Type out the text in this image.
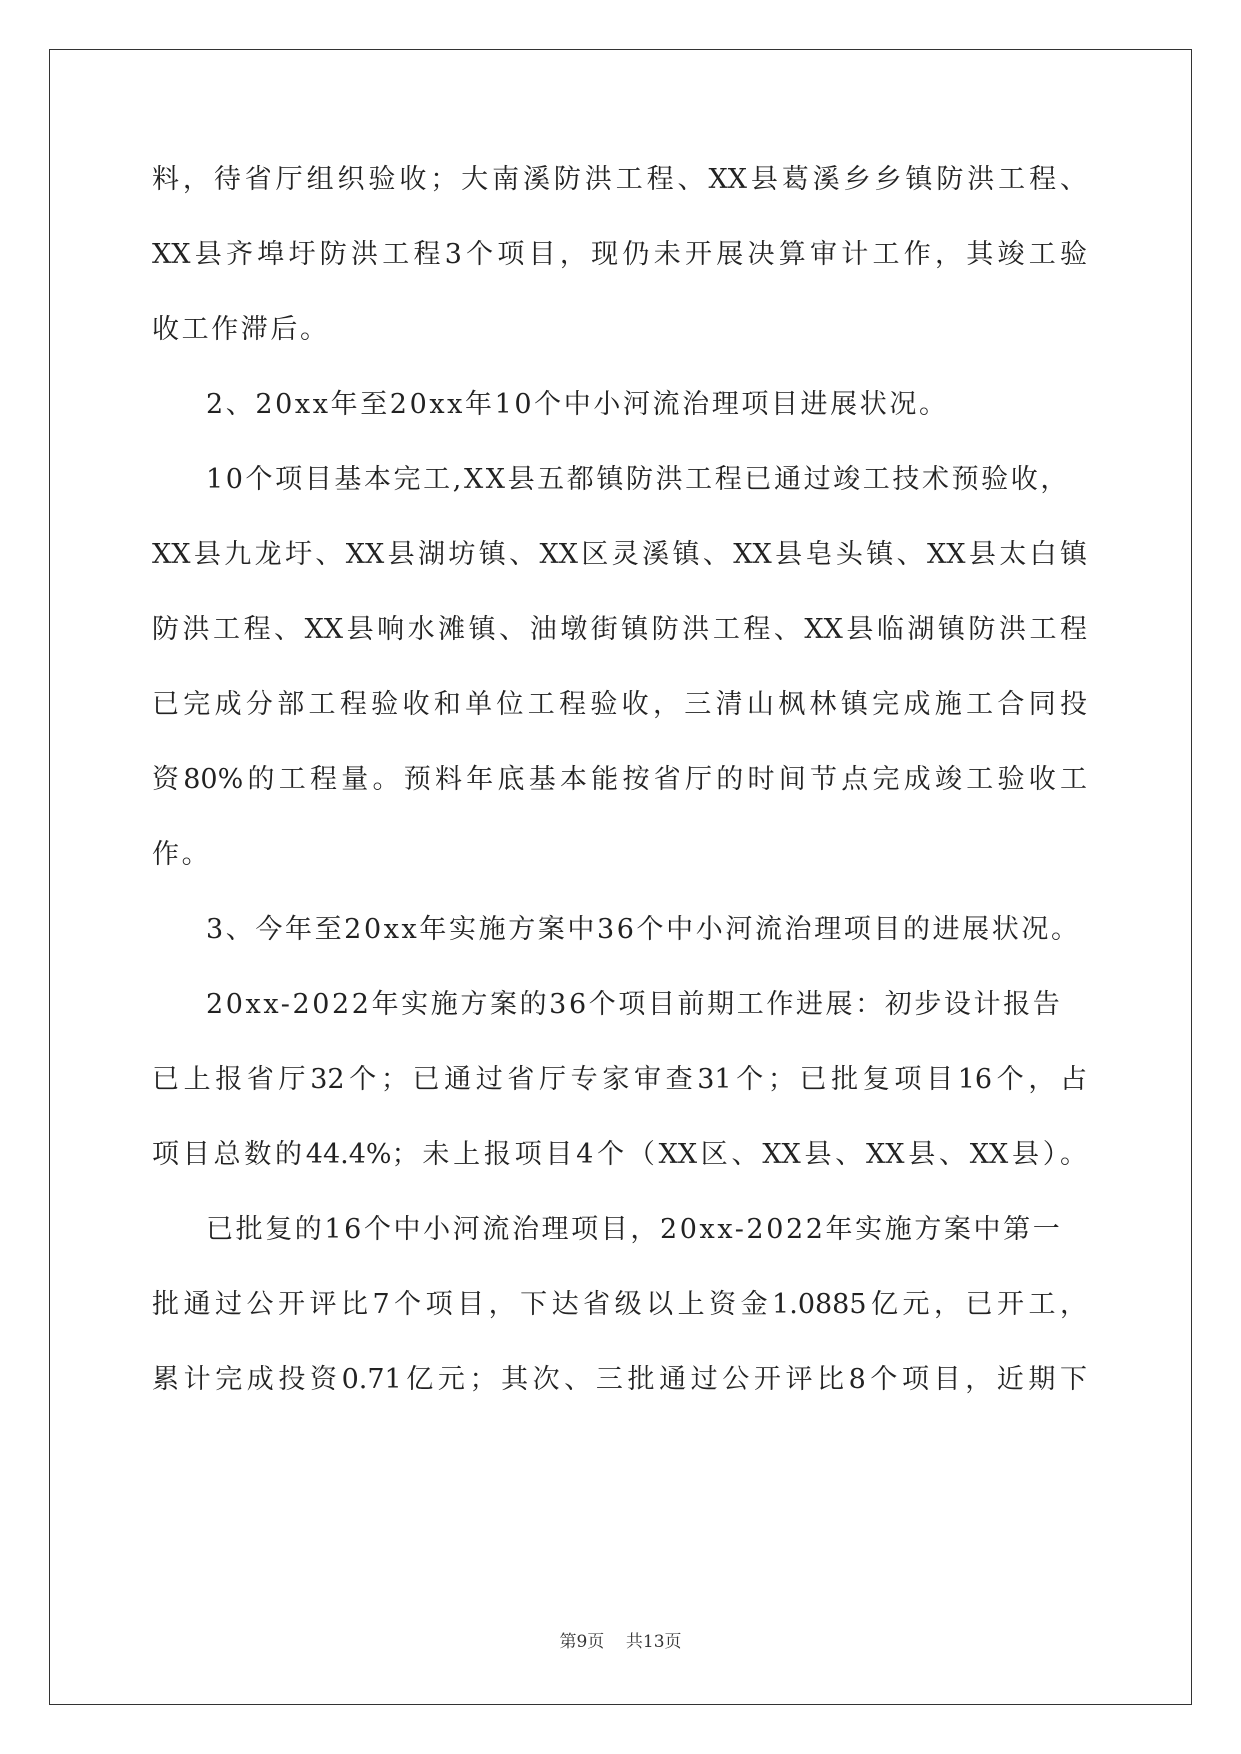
料，待省厅组织验收；大南溪防洪工程、XX县葛溪乡乡镇防洪工程、
XX县齐埠圩防洪工程3个项目，现仍未开展决算审计工作，其竣工验
收工作滞后。
2、20xx年至20xx年10个中小河流治理项目进展状况。
10个项目基本完工,XX县五都镇防洪工程已通过竣工技术预验收，
XX县九龙圩、XX县湖坊镇、XX区灵溪镇、XX县皂头镇、XX县太白镇
防洪工程、XX县响水滩镇、油墩街镇防洪工程、XX县临湖镇防洪工程
已完成分部工程验收和单位工程验收，三清山枫林镇完成施工合同投
资80%的工程量。预料年底基本能按省厅的时间节点完成竣工验收工
作。
3、今年至20xx年实施方案中36个中小河流治理项目的进展状况。
20xx-2022年实施方案的36个项目前期工作进展：初步设计报告
已上报省厅32个；已通过省厅专家审查31个；已批复项目16个，占
项目总数的44.4%；未上报项目4个（XX区、XX县、XX县、XX县）。
已批复的16个中小河流治理项目，20xx-2022年实施方案中第一
批通过公开评比7个项目，下达省级以上资金1.0885亿元，已开工，
累计完成投资0.71亿元；其次、三批通过公开评比8个项目，近期下
第9页 共13页
